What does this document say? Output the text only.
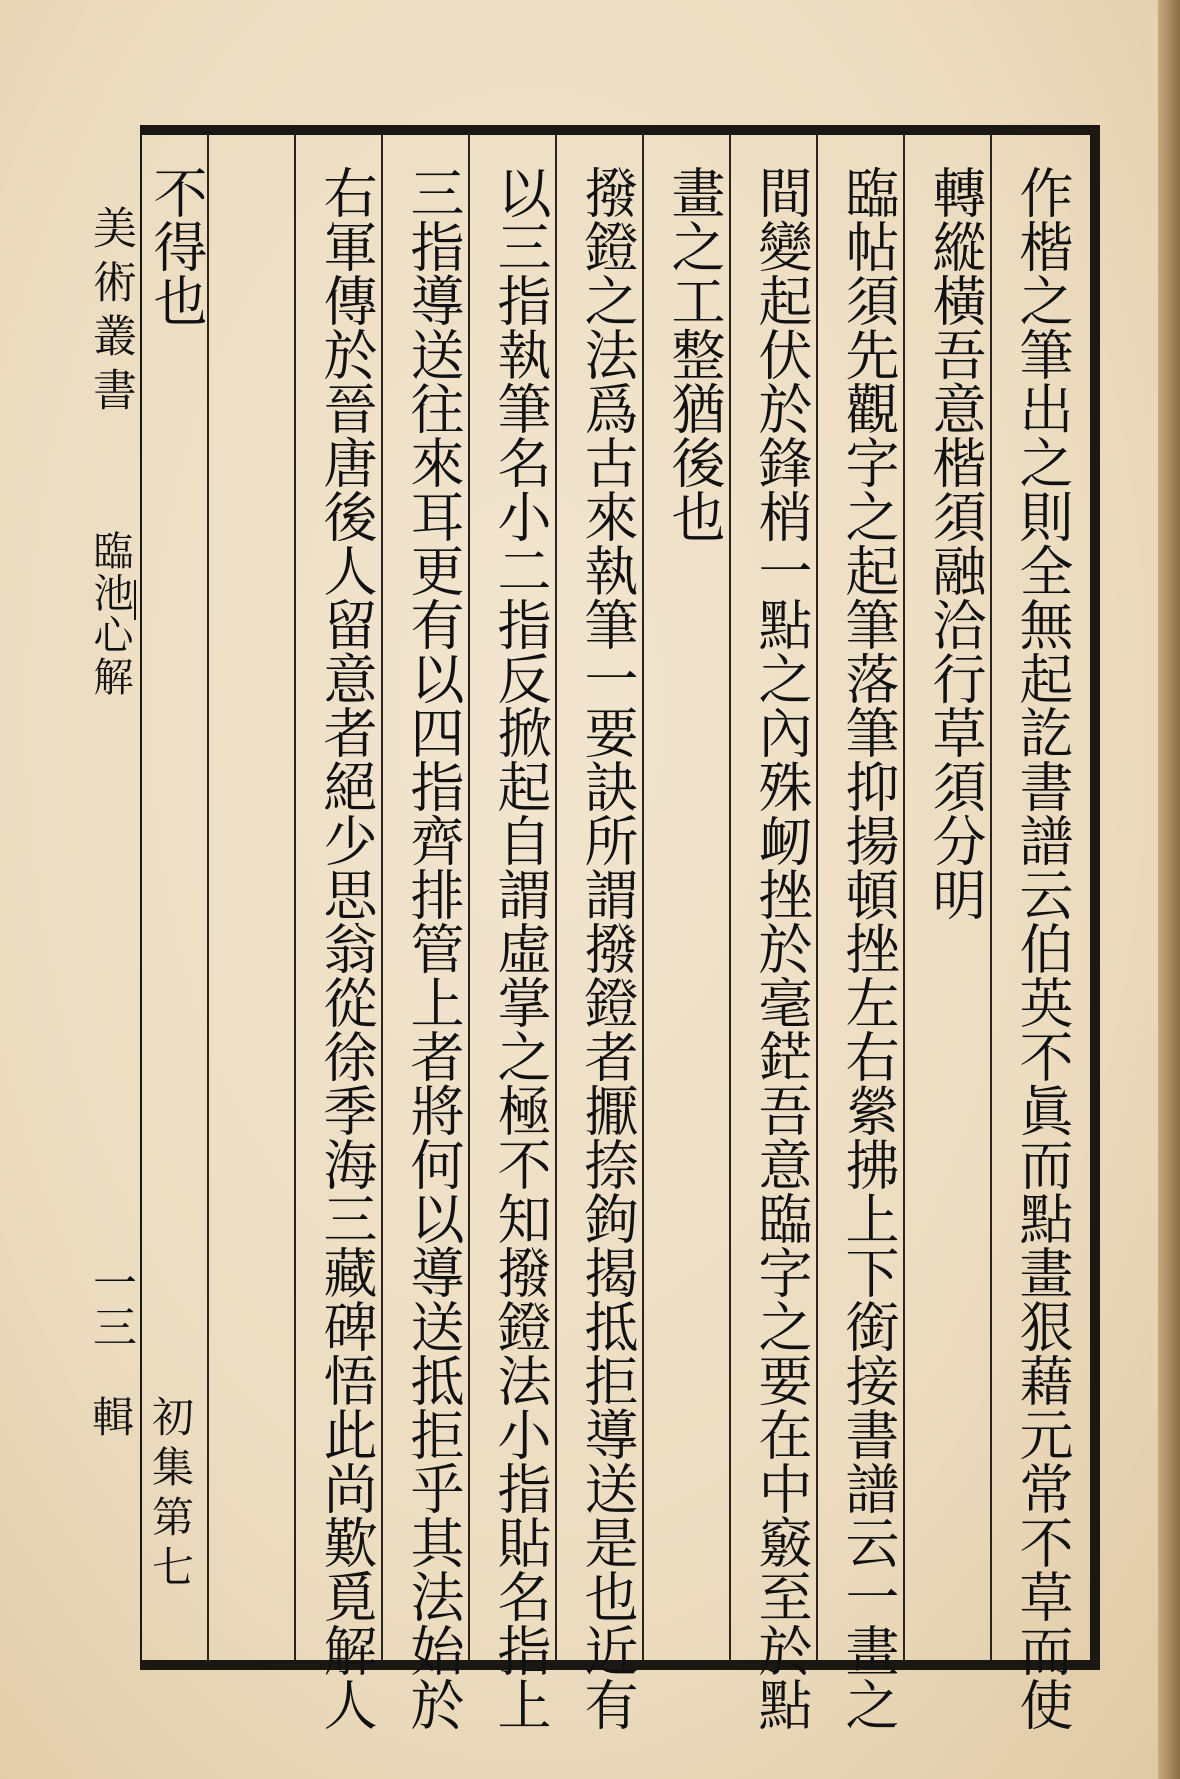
美術叢書
臨池心解
一三
初集第七輯	作楷之筆出之則全無起訖書譜云伯英不眞而點畫狠藉元常不草而使
轉縱橫吾意楷須融洽行草須分明
臨帖須先觀字之起筆落筆抑揚頓挫左右縈拂上下銜接書譜云一畫之
間變起伏於鋒梢一點之內殊衂挫於毫鋩吾意臨字之要在中竅至於點
畫之工整猶後也
撥鐙之法爲古來執筆一要訣所謂撥鐙者擫捺鉤揭抵拒導送是也近有
以三指執筆名小二指反掀起自謂虛掌之極不知撥鐙法小指貼名指上
三指導送往來耳更有以四指齊排管上者將何以導送抵拒乎其法始於
右軍傳於晉唐後人留意者絕少思翁從徐季海三藏碑悟此尚歎覓解人
不得也
